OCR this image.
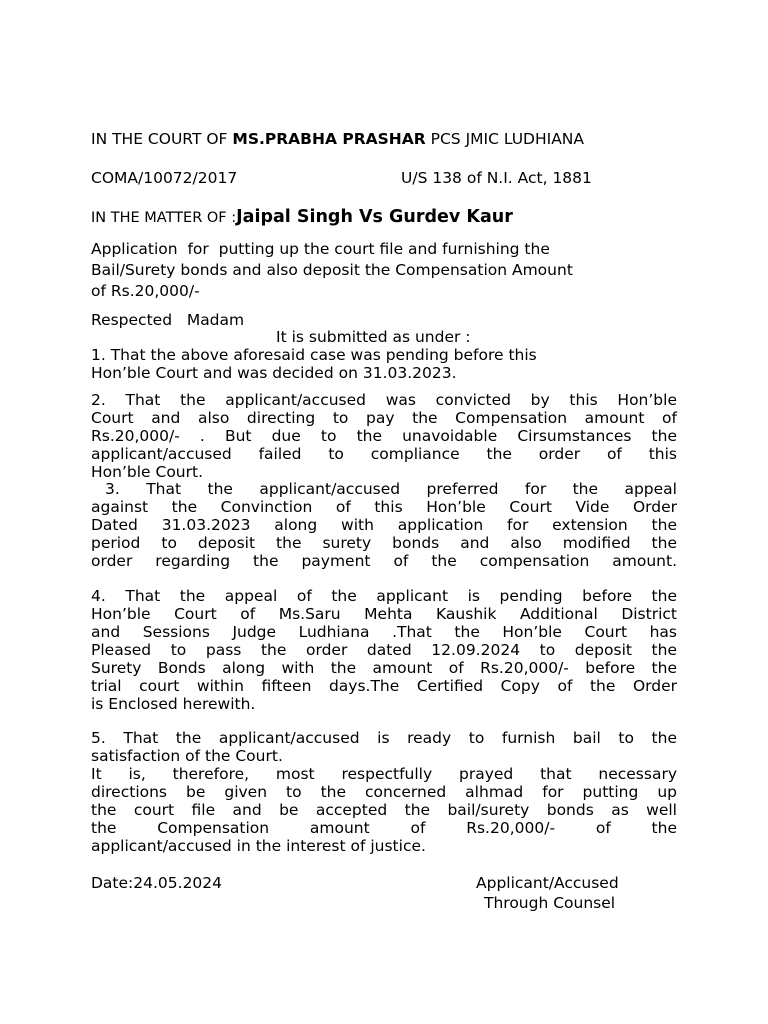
IN THE COURT OF MS.PRABHA PRASHAR PCS JMIC LUDHIANA
COMA/10072/2017	U/S 138 of N.I. Act, 1881
IN THE MATTER OF :Jaipal Singh Vs Gurdev Kaur
Application  for  putting up the court file and furnishing the
Bail/Surety bonds and also deposit the Compensation Amount
of Rs.20,000/-
Respected   Madam
It is submitted as under :
1. That the above aforesaid case was pending before this
Hon’ble Court and was decided on 31.03.2023.
2. That the applicant/accused was convicted by this Hon’ble
Court and also directing to pay the Compensation amount of
Rs.20,000/- . But due to the unavoidable Cirsumstances the
applicant/accused failed to compliance the order of this
Hon’ble Court.
3. That the applicant/accused preferred for the appeal
against the Convinction of this Hon’ble Court Vide Order
Dated 31.03.2023 along with application for extension the
period to deposit the surety bonds and also modified the
order regarding the payment of the compensation amount.
4. That the appeal of the applicant is pending before the
Hon’ble Court of Ms.Saru Mehta Kaushik Additional District
and Sessions Judge Ludhiana .That the Hon’ble Court has
Pleased to pass the order dated 12.09.2024 to deposit the
Surety Bonds along with the amount of Rs.20,000/- before the
trial court within fifteen days.The Certified Copy of the Order
is Enclosed herewith.
5. That the applicant/accused is ready to furnish bail to the
satisfaction of the Court.
It is, therefore, most respectfully prayed that necessary
directions be given to the concerned alhmad for putting up
the court file and be accepted the bail/surety bonds as well
the Compensation amount of Rs.20,000/- of the
applicant/accused in the interest of justice.
Date:24.05.2024	Applicant/Accused
Through Counsel
